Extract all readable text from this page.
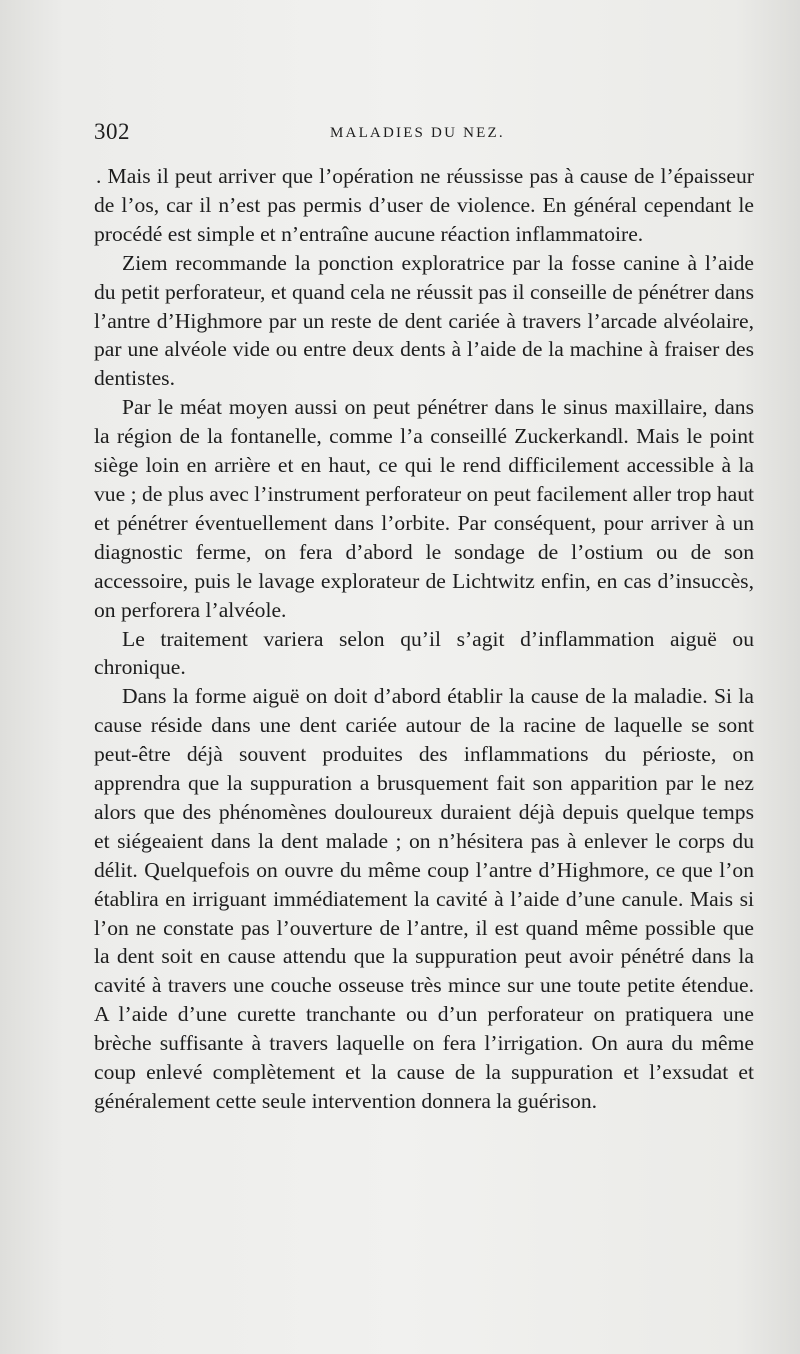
302	MALADIES DU NEZ.

. Mais il peut arriver que l’opération ne réussisse pas à cause de l’épaisseur de l’os, car il n’est pas permis d’user de violence. En général cependant le procédé est simple et n’entraîne aucune réaction inflammatoire.

Ziem recommande la ponction exploratrice par la fosse canine à l’aide du petit perforateur, et quand cela ne réussit pas il conseille de pénétrer dans l’antre d’Highmore par un reste de dent cariée à travers l’arcade alvéolaire, par une alvéole vide ou entre deux dents à l’aide de la machine à fraiser des dentistes.

Par le méat moyen aussi on peut pénétrer dans le sinus maxillaire, dans la région de la fontanelle, comme l’a conseillé Zuckerkandl. Mais le point siège loin en arrière et en haut, ce qui le rend difficilement accessible à la vue ; de plus avec l’instrument perforateur on peut facilement aller trop haut et pénétrer éventuellement dans l’orbite. Par conséquent, pour arriver à un diagnostic ferme, on fera d’abord le sondage de l’ostium ou de son accessoire, puis le lavage explorateur de Lichtwitz enfin, en cas d’insuccès, on perforera l’alvéole.

Le traitement variera selon qu’il s’agit d’inflammation aiguë ou chronique.

Dans la forme aiguë on doit d’abord établir la cause de la maladie. Si la cause réside dans une dent cariée autour de la racine de laquelle se sont peut-être déjà souvent produites des inflammations du périoste, on apprendra que la suppuration a brusquement fait son apparition par le nez alors que des phénomènes douloureux duraient déjà depuis quelque temps et siégeaient dans la dent malade ; on n’hésitera pas à enlever le corps du délit. Quelquefois on ouvre du même coup l’antre d’Highmore, ce que l’on établira en irriguant immédiatement la cavité à l’aide d’une canule. Mais si l’on ne constate pas l’ouverture de l’antre, il est quand même possible que la dent soit en cause attendu que la suppuration peut avoir pénétré dans la cavité à travers une couche osseuse très mince sur une toute petite étendue. A l’aide d’une curette tranchante ou d’un perforateur on pratiquera une brèche suffisante à travers laquelle on fera l’irrigation. On aura du même coup enlevé complètement et la cause de la suppuration et l’exsudat et généralement cette seule intervention donnera la guérison.
